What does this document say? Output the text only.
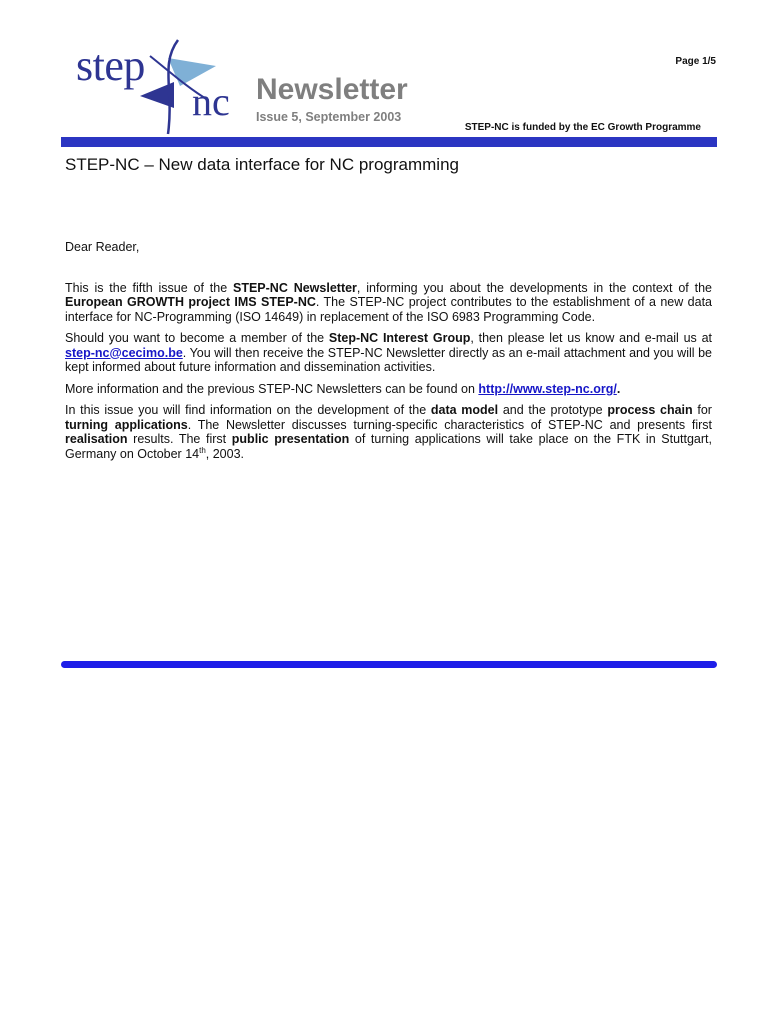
step
nc Newsletter
Issue 5, September 2003
Page 1/5
STEP-NC is funded by the EC Growth Programme
STEP-NC – New data interface for NC programming

Dear Reader,

This is the fifth issue of the STEP-NC Newsletter, informing you about the developments in the context of the European GROWTH project IMS STEP-NC. The STEP-NC project contributes to the establishment of a new data interface for NC-Programming (ISO 14649) in replacement of the ISO 6983 Programming Code.

Should you want to become a member of the Step-NC Interest Group, then please let us know and e-mail us at step-nc@cecimo.be. You will then receive the STEP-NC Newsletter directly as an e-mail attachment and you will be kept informed about future information and dissemination activities.

More information and the previous STEP-NC Newsletters can be found on http://www.step-nc.org/.

In this issue you will find information on the development of the data model and the prototype process chain for turning applications. The Newsletter discusses turning-specific characteristics of STEP-NC and presents first realisation results. The first public presentation of turning applications will take place on the FTK in Stuttgart, Germany on October 14th, 2003.
